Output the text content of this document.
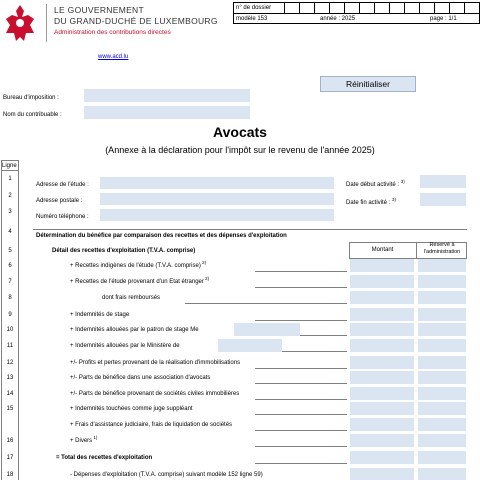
LE GOUVERNEMENT
DU GRAND-DUCHÉ DE LUXEMBOURG
Administration des contributions directes
n° de dossier
modèle 153	année : 2025	page : 1/1
www.acd.lu
Réinitialiser
Bureau d'imposition :
Nom du contribuable :
Avocats
(Annexe à la déclaration pour l'impôt sur le revenu de l'année 2025)
Ligne
Adresse de l'étude :
Adresse postale :
Numéro téléphone :
Date début activité : $^{3)}$
Date fin activité : $^{3)}$
Détermination du bénéfice par comparaison des recettes et des dépenses d'exploitation
Montant
Réservé à l'administration
1
2
3
4
5	Détail des recettes d'exploitation (T.V.A. comprise)
6	+ Recettes indigènes de l'étude (T.V.A. comprise) $^{2)}$
7	+ Recettes de l'étude provenant d'un Etat étranger $^{2)}$
8	dont frais remboursés
9	+ Indemnités de stage
10	+ Indemnités allouées par le patron de stage Me
11	+ Indemnités allouées par le Ministère de
12	+/- Profits et pertes provenant de la réalisation d'immobilisations
13	+/- Parts de bénéfice dans une association d'avocats
14	+/- Parts de bénéfice provenant de sociétés civiles immobilières
15	+ Indemnités touchées comme juge suppléant
+ Frais d'assistance judiciaire, frais de liquidation de sociétés
16	+ Divers $^{1)}$
17	= Total des recettes d'exploitation
18	- Dépenses d'exploitation (T.V.A. comprise) suivant modèle 152 ligne 59)
